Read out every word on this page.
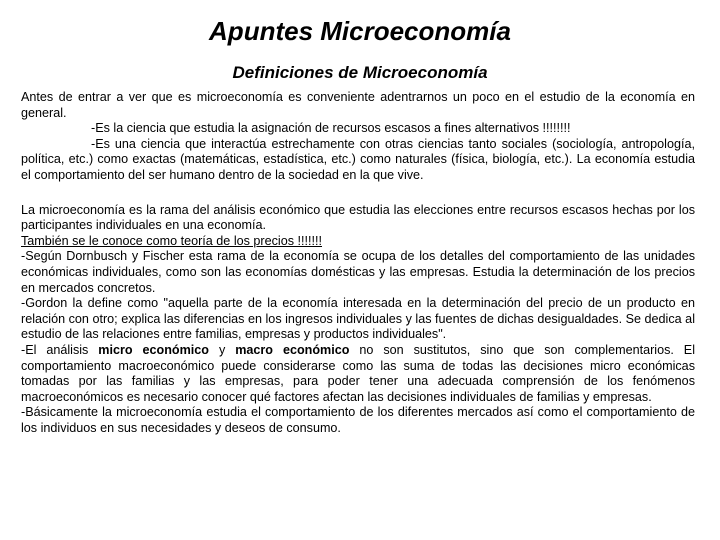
Apuntes Microeconomía
Definiciones de Microeconomía

Antes de entrar a ver que es microeconomía es conveniente adentrarnos un poco en el estudio de la economía en general.

-Es la ciencia que estudia la asignación de recursos escasos a fines alternativos !!!!!!!!

-Es una ciencia que interactúa estrechamente con otras ciencias tanto sociales (sociología, antropología, política, etc.) como exactas (matemáticas, estadística, etc.) como naturales (física, biología, etc.). La economía estudia el comportamiento del ser humano dentro de la sociedad en la que vive.

La microeconomía es la rama del análisis económico que estudia las elecciones entre recursos escasos hechas por los participantes individuales en una economía.

También se le conoce como teoría de los precios !!!!!!!

-Según Dornbusch y Fischer esta rama de la economía se ocupa de los detalles del comportamiento de las unidades económicas individuales, como son las economías domésticas y las empresas. Estudia la determinación de los precios en mercados concretos.

-Gordon la define como "aquella parte de la economía interesada en la determinación del precio de un producto en relación con otro; explica las diferencias en los ingresos individuales y las fuentes de dichas desigualdades. Se dedica al estudio de las relaciones entre familias, empresas y productos individuales".

-El análisis micro económico y macro económico no son sustitutos, sino que son complementarios. El comportamiento macroeconómico puede considerarse como las suma de todas las decisiones micro económicas tomadas por las familias y las empresas, para poder tener una adecuada comprensión de los fenómenos macroeconómicos es necesario conocer qué factores afectan las decisiones individuales de familias y empresas.

-Básicamente la microeconomía estudia el comportamiento de los diferentes mercados así como el comportamiento de los individuos en sus necesidades y deseos de consumo.
